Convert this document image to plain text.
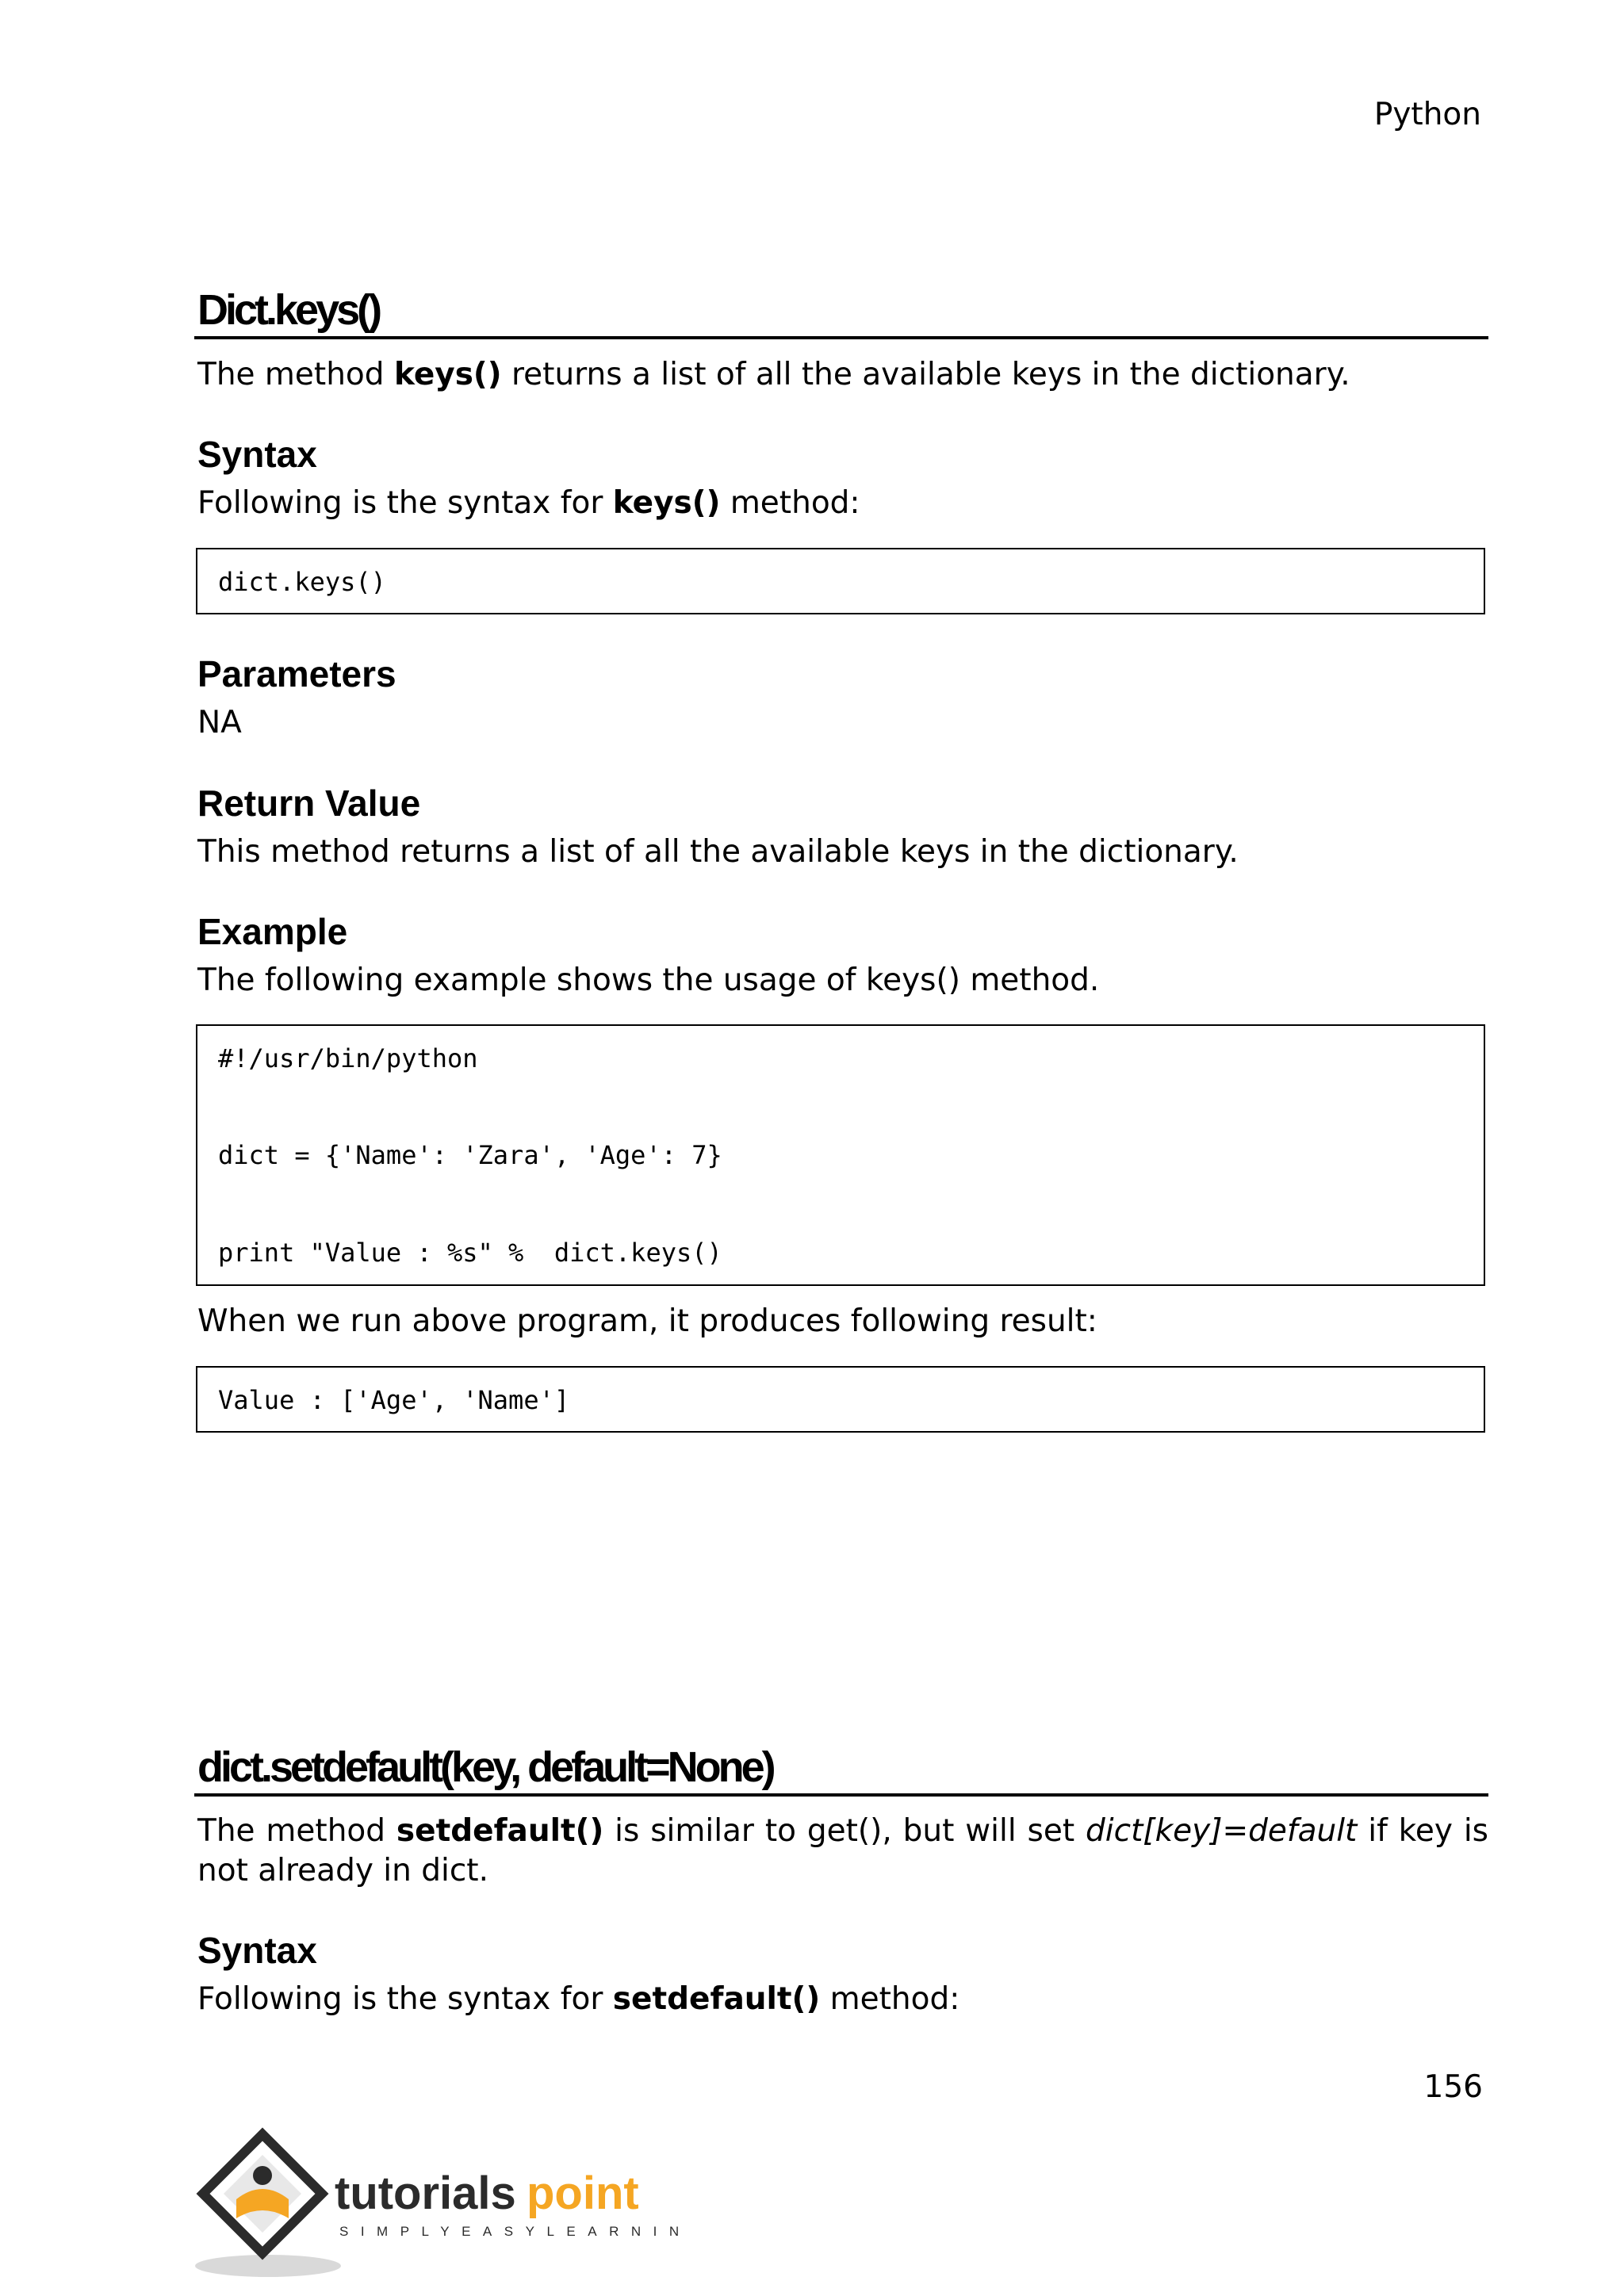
Python
Dict.keys()
The method keys() returns a list of all the available keys in the dictionary.
Syntax
Following is the syntax for keys() method:
dict.keys()
Parameters
NA
Return Value
This method returns a list of all the available keys in the dictionary.
Example
The following example shows the usage of keys() method.
#!/usr/bin/python
dict = {'Name': 'Zara', 'Age': 7}
print "Value : %s" %  dict.keys()
When we run above program, it produces following result:
Value : ['Age', 'Name']
dict.setdefault(key, default=None)
The method setdefault() is similar to get(), but will set dict[key]=default if key is not already in dict.
Syntax
Following is the syntax for setdefault() method:
156
tutorials point
SIMPLYEASYLEARNING
